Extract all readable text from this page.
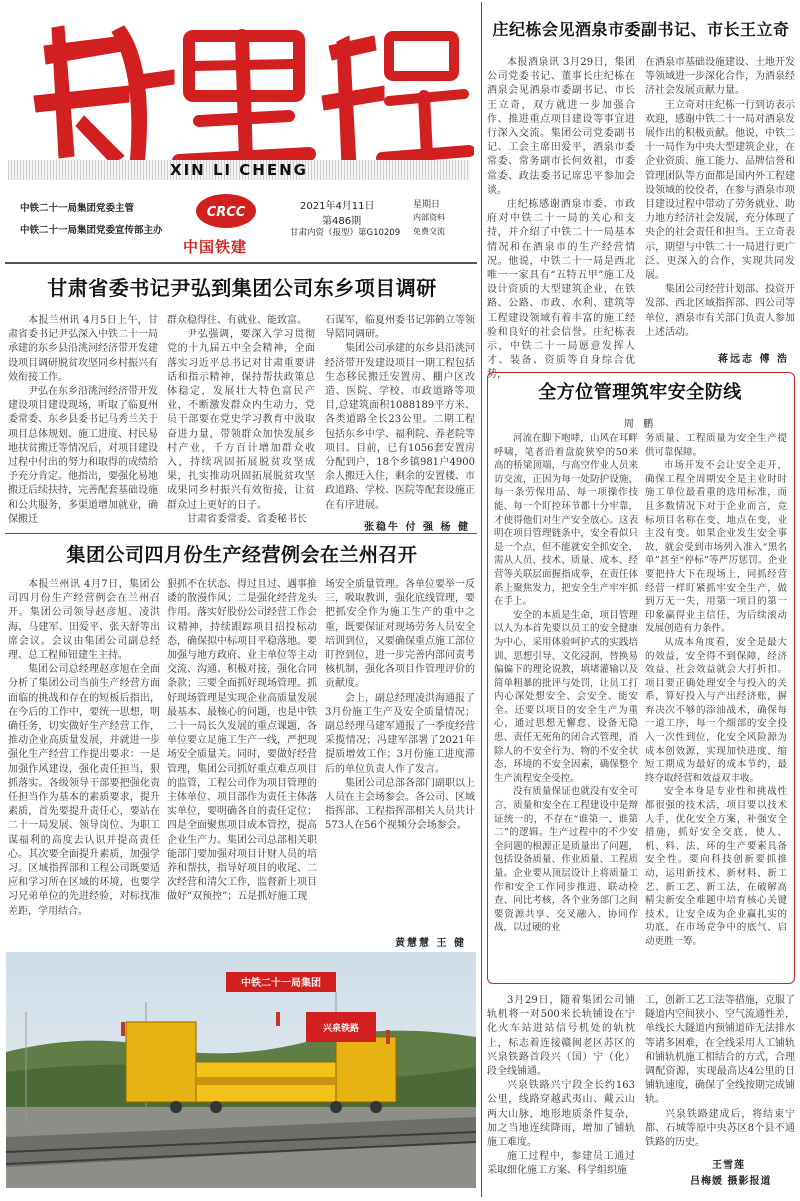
XIN LI CHENG
中铁二十一局集团党委主管
中铁二十一局集团党委宣传部主办
CRCC
中国铁建
2021年4月11日	星期日
第486期	内部资料
甘肃内资（报型）第G10209 免费交流
甘肃省委书记尹弘到集团公司东乡项目调研

本报兰州讯 4月5日上午，甘肃省委书记尹弘深入中铁二十一局承建的东乡县沿洮河经济带开发建设项目调研脱贫攻坚同乡村振兴有效衔接工作。

尹弘在东乡沿洮河经济带开发建设项目建设现场，听取了临夏州委常委、东乡县委书记马秀兰关于项目总体规划、施工进度、村民易地扶贫搬迁等情况后，对项目建设过程中付出的努力和取得的成绩给予充分肯定。他指出，要强化易地搬迁后续扶持，完善配套基础设施和公共服务，多渠道增加就业，确保搬迁

群众稳得住、有就业、能致富。

尹弘强调，要深入学习贯彻党的十九届五中全会精神，全面落实习近平总书记对甘肃重要讲话和指示精神，保持帮扶政策总体稳定，发展壮大特色富民产业，不断激发群众内生动力，党员干部要在党史学习教育中汲取奋进力量，带领群众加快发展乡村产业，千方百计增加群众收入，持续巩固拓展脱贫攻坚成果，扎实推动巩固拓展脱贫攻坚成果同乡村振兴有效衔接，让贫群众过上更好的日子。

甘肃省委常委、省委秘书长

石谋军，临夏州委书记郭鹤立等领导陪同调研。

集团公司承建的东乡县沿洮河经济带开发建设项目一期工程包括生态移民搬迁安置房、棚户区改造、医院、学校、市政道路等项目,总建筑面积1088189平方米、各类道路全长23公里。二期工程包括东乡中学、福利院、养老院等项目。目前，已有1056套安置房分配到户，18个乡镇981户4900余人搬迁入住，剩余的安置楼、市政道路、学校、医院等配套设施正在有序进展。

张稳牛 付 强 杨 健
集团公司四月份生产经营例会在兰州召开

本报兰州讯 4月7日，集团公司四月份生产经营例会在兰州召开。集团公司领导赵彦旭、凌洪海、马建军、田爱平、张天舒等出席会议。会议由集团公司副总经理、总工程师钮建生主持。

集团公司总经理赵彦旭在全面分析了集团公司当前生产经营方面面临的挑战和存在的短板后指出，在今后的工作中，要统一思想，明确任务，切实做好生产经营工作，推动企业高质量发展，并就进一步强化生产经营工作提出要求：一是加强作风建设，强化责任担当，狠抓落实。各级领导干部要把强化责任担当作为基本的素质要求，提升素质，首先要提升责任心，要站在二十一局发展、领导岗位、为职工谋福利的高度去认识并提高责任心。其次要全面提升素质，加强学习。区域指挥部和工程公司既要适应和学习所在区域的环境，也要学习兄弟单位的先进经验，对标找准差距，学用结合。

狠抓不在状态、得过且过、遇事推诿的散漫作风；二是强化经营龙头作用。落实好股份公司经营工作会议精神，持续跟踪项目招投标动态，确保拟中标项目平稳落地。要加强与地方政府、业主单位等主动交流、沟通、积极对接，强化合同条款；三要全面抓好现场管理。抓好现场管理是实现企业高质量发展最基本、最核心的问题，也是中铁二十一局长久发展的重点课题，各单位要立足施工生产一线，严把现场安全质量关。同时，要做好经营管理，集团公司抓好重点难点项目的监管，工程公司作为项目管理的主体单位、项目部作为责任主体落实单位，要明确各自的责任定位；四是全面聚焦项目成本管控，提高企业生产力。集团公司总部相关职能部门要加强对项目计财人员的培养和帮扶，指导好项目的收尾、二次经营和清欠工作，监督新上项目做好“双预控”；五是抓好施工现

场安全质量管理。各单位要举一反三，吸取教训，强化底线管理，要把抓安全作为施工生产的重中之重，既要保证对现场劳务人员安全培训到位，又要确保重点施工部位盯控到位，进一步完善内部问责考核机制，强化各项目作管理评价的贡献度。

会上，副总经理凌洪海通报了3月份施工生产及安全质量情况；副总经理马建军通报了一季度经营采揽情况；冯建军部署了2021年提质增效工作；3月份施工进度滞后的单位负责人作了发言。

集团公司总部各部门副职以上人员在主会场参会。各公司、区域指挥部、工程指挥部相关人员共计573人在56个视频分会场参会。

黄慧慧 王 健
中铁二十一局集团
兴泉铁路
庄纪栋会见酒泉市委副书记、市长王立奇

本报酒泉讯 3月29日，集团公司党委书记、董事长庄纪栋在酒泉会见酒泉市委副书记、市长王立奇，双方就进一步加强合作、推进重点项目建设等事宜进行深入交流。集团公司党委副书记、工会主席田爱平，酒泉市委常委、常务副市长何效祖，市委常委、政法委书记席忠平参加会谈。

庄纪栋感谢酒泉市委、市政府对中铁二十一局的关心和支持，并介绍了中铁二十一局基本情况和在酒泉市的生产经营情况。他说，中铁二十一局是西北唯一一家具有“五特五甲”施工及设计资质的大型建筑企业，在铁路、公路、市政、水利、建筑等工程建设领域有着丰富的施工经验和良好的社会信誉。庄纪栋表示，中铁二十一局愿意发挥人才、装备、资质等自身综合优势，

在酒泉市基础设施建设、土地开发等领域进一步深化合作，为酒泉经济社会发展贡献力量。

王立奇对庄纪栋一行到访表示欢迎，感谢中铁二十一局对酒泉发展作出的积极贡献。他说，中铁二十一局作为中央大型建筑企业，在企业资质、施工能力、品牌信誉和管理团队等方面都是国内外工程建设领域的佼佼者，在参与酒泉市项目建设过程中带动了劳务就业、助力地方经济社会发展，充分体现了央企的社会责任和担当。王立奇表示，期望与中铁二十一局进行更广泛、更深入的合作，实现共同发展。

集团公司经营计划部、投资开发部、西北区域指挥部、四公司等单位，酒泉市有关部门负责人参加上述活动。

蒋远志 傅 浩
全方位管理筑牢安全防线
周 鹏

河流在脚下咆哮，山风在耳畔呼啸，笔者沿着盘旋狭窄的50米高的桥梁顶端，与高空作业人员来访交流，正因为每一处防护设施、每一条劳保用品、每一项操作技能、每一个盯控环节都十分牢靠，才使得他们对生产安全放心。这表明在项目管理链条中，安全看似只是一个点，但不能就安全抓安全，需从人员、技术、质量、成本、经营等关联层面握指成拳，在责任体系上聚焦发力，把安全生产牢牢抓在手上。

安全的本质是生命，项目管理以人为本首先要以员工的安全健康为中心，采用体验呵护式的实践培训、思想引导、文化浸润，替换易偏偏下的理论说教，填堵灌输以及简单粗暴的批评与处罚，让员工打内心深处想安全、会安全、能安全。还要以项目的安全生产为重心，通过思想无懈怠、设备无隐患、责任无死角的闭合式管理，消除人的不安全行为、物的不安全状态，环境的不安全因素，确保整个生产流程安全受控。

没有质量保证也就没有安全可言，质量和安全在工程建设中是辩证统一的，不存在“谁第一、谁第二”的逻辑。生产过程中的不少安全问题的根源正是质量出了问题，包括设备质量、作业质量、工程质量。企业要从顶层设计上将质量工作和安全工作同步推进、联动检查、同比考核，各个业务部门之间要资源共享、交叉融入、协同作战，以过硬的业

务质量、工程质量为安全生产提供可靠保障。

市场开发不会让安全走开，确保工程全周期安全是主业时时施工单位最看重的选用标准，而且多数情况下对于企业而言，竞标项目名称在变、地点在变，业主没有变。如果企业发生安全事故，就会受到市场列入准入“黑名单”甚至“停标”等严厉惩罚。企业要把持大下在现场上，同抓经营经营一样盯紧抓牢安全生产，做到万无一失，用第一项目的第一印象赢得业主信任，为后续滚动发展创造有力条件。

从成本角度看，安全是最大的效益，安全得不到保障，经济效益、社会效益就会大打折扣。项目要正确处理安全与投入的关系，算好投入与产出经济账，摒弃决次不够的添油战术，确保每一道工序，每一个细部的安全投入一次性到位，化安全风险源为成本创效源，实现加快进度、缩短工期成为最好的成本节约，最终夺取经营和效益双丰收。

安全本身是专业性和挑战性都很强的技术活，项目要以技术人手，优化安全方案，补强安全措施，抓好安全交底，使人、机、料、法、环的生产要素具备安全性。要向科技创新要抓推动，运用新技术、新材料、新工艺、新工艺、新工法，在破解高精尖新安全难题中培育核心关键技术，让安全成为企业赢扎实的功底，在市场竞争中的底气、启动更胜一筹。

3月29日，随着集团公司铺轨机将一对500米长轨铺设在宁化火车站进站信号机处的轨枕上，标志着连接赣闽老区苏区的兴泉铁路首段兴（国）宁（化）段全线铺通。

兴泉铁路兴宁段全长约163公里，线路穿越武夷山、戴云山两大山脉，地形地质条件复杂，加之当地连续降雨，增加了铺轨施工难度。

施工过程中，参建员工通过采取细化施工方案、科学组织施

工，创新工艺工法等措施，克服了隧道内空间狭小、空气流通性差，单线长大隧道内预铺道砟无法排水等诸多困难，在全线采用人工铺轨和铺轨机施工相结合的方式，合理调配资源，实现最高达4公里的日铺轨速度，确保了全线按期完成铺轨。

兴泉铁路建成后，将结束宁都、石城等原中央苏区8个县不通铁路的历史。

王雪莲
吕梅媛 摄影报道
